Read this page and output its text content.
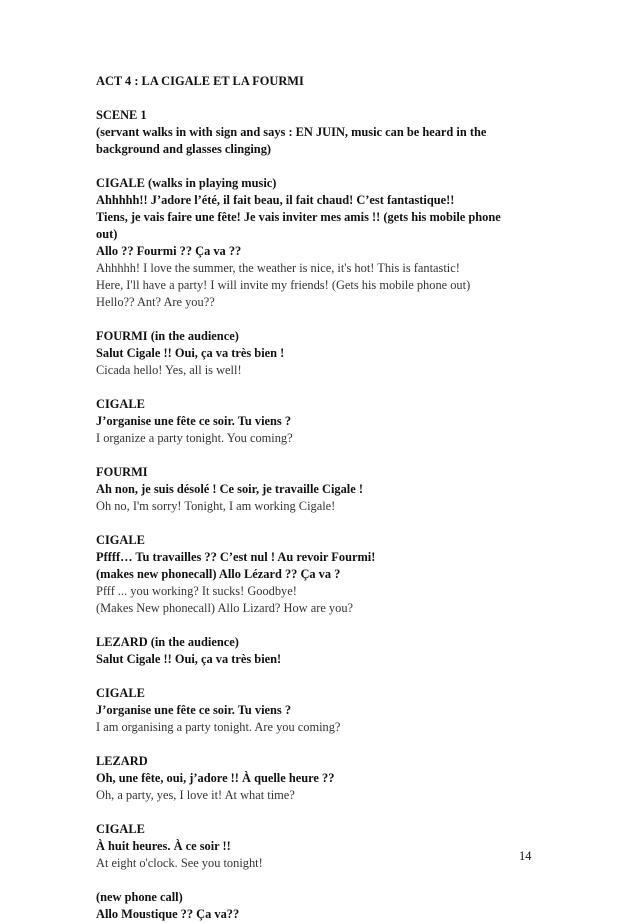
ACT 4 : LA CIGALE ET LA FOURMI
SCENE 1
(servant walks in with sign and says : EN JUIN, music can be heard in the
background and glasses clinging)
CIGALE (walks in playing music)
Ahhhhh!! J’adore l’été, il fait beau, il fait chaud! C’est fantastique!!
Tiens, je vais faire une fête! Je vais inviter mes amis !! (gets his mobile phone
out)
Allo ?? Fourmi ?? Ça va ??
Ahhhhh! I love the summer, the weather is nice, it's hot! This is fantastic!
Here, I'll have a party! I will invite my friends! (Gets his mobile phone out)
Hello?? Ant? Are you??
FOURMI (in the audience)
Salut Cigale !! Oui, ça va très bien !
Cicada hello! Yes, all is well!
CIGALE
J’organise une fête ce soir. Tu viens ?
I organize a party tonight. You coming?
FOURMI
Ah non, je suis désolé ! Ce soir, je travaille Cigale !
Oh no, I'm sorry! Tonight, I am working Cigale!
CIGALE
Pffff… Tu travailles ?? C’est nul ! Au revoir Fourmi!
(makes new phonecall) Allo Lézard ?? Ça va ?
Pfff ... you working? It sucks! Goodbye!
(Makes New phonecall) Allo Lizard? How are you?
LEZARD (in the audience)
Salut Cigale !! Oui, ça va très bien!
CIGALE
J’organise une fête ce soir. Tu viens ?
I am organising a party tonight. Are you coming?
LEZARD
Oh, une fête, oui, j’adore !! À quelle heure ??
Oh, a party, yes, I love it! At what time?
CIGALE
À huit heures. À ce soir !!
At eight o'clock. See you tonight!
(new phone call)
Allo Moustique ?? Ça va??
14
